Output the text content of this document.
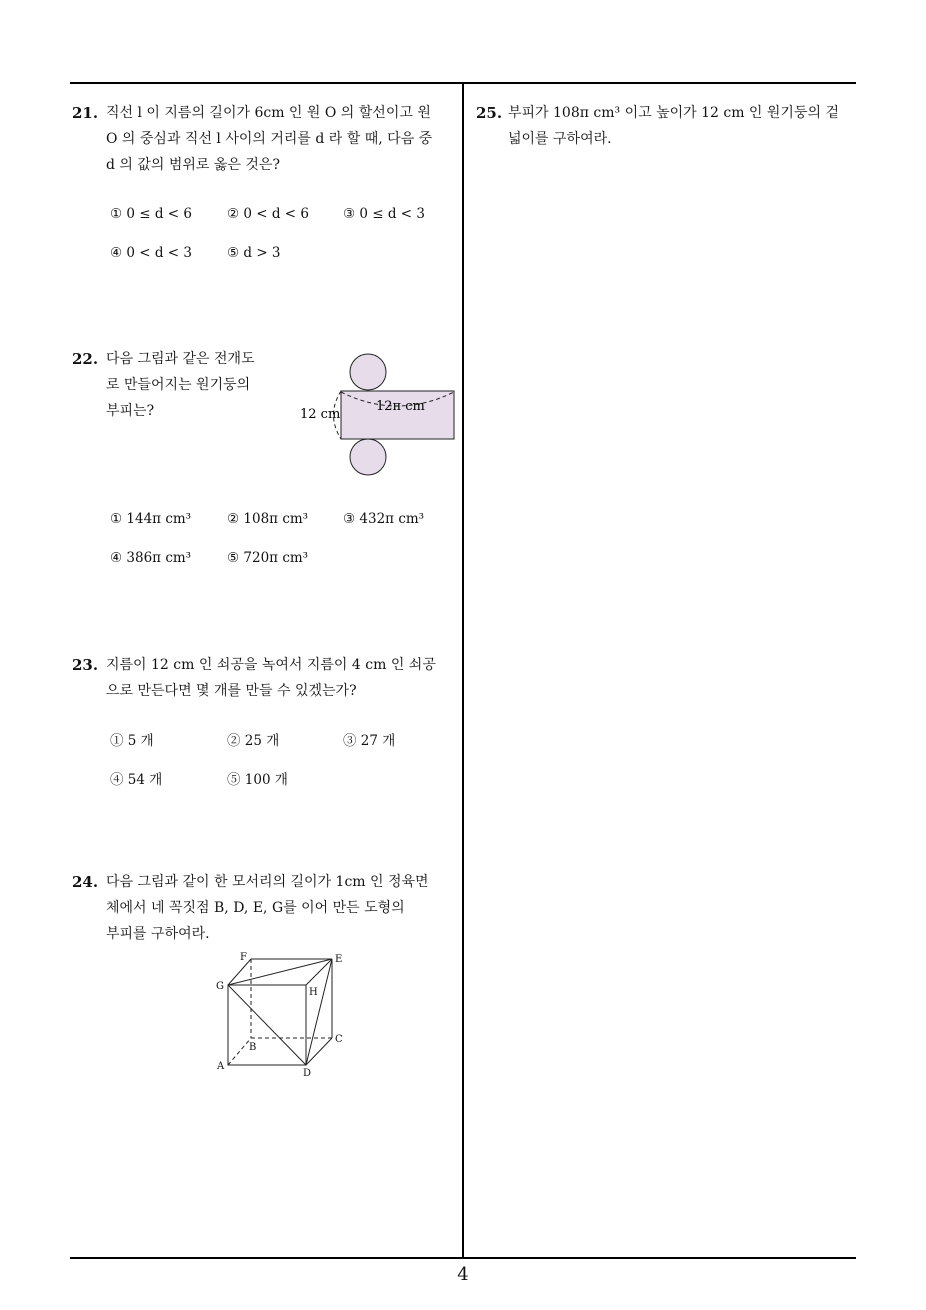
21. 직선 l 이 지름의 길이가 6cm 인 원 O 의 할선이고 원
O 의 중심과 직선 l 사이의 거리를 d 라 할 때, 다음 중
d 의 값의 범위로 옳은 것은?
① 0 ≤ d < 6	② 0 < d < 6	③ 0 ≤ d < 3
④ 0 < d < 3	⑤ d > 3
22. 다음 그림과 같은 전개도
로 만들어지는 원기둥의
부피는?	12π cm
12 cm
① 144π cm³	② 108π cm³	③ 432π cm³
④ 386π cm³	⑤ 720π cm³
23. 지름이 12 cm 인 쇠공을 녹여서 지름이 4 cm 인 쇠공
으로 만든다면 몇 개를 만들 수 있겠는가?
① 5 개	② 25 개	③ 27 개
④ 54 개	⑤ 100 개
24. 다음 그림과 같이 한 모서리의 길이가 1cm 인 정육면
체에서 네 꼭짓점 B, D, E, G를 이어 만든 도형의
부피를 구하여라.
F	E
G
H
B
C
A
D
25. 부피가 108π cm³ 이고 높이가 12 cm 인 원기둥의 겉
넓이를 구하여라.
4
